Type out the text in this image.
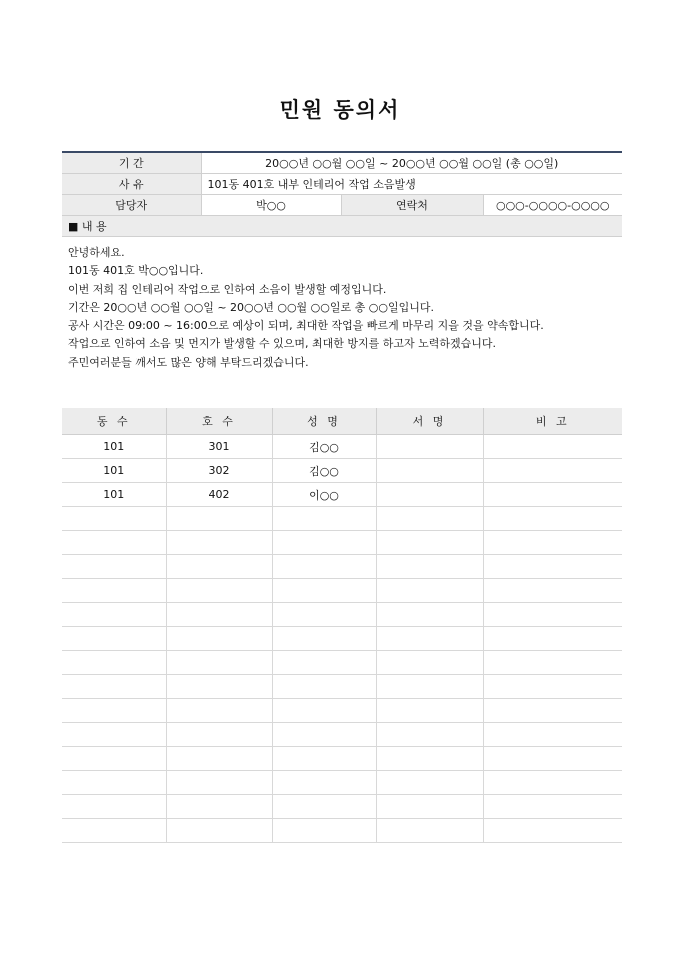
민원 동의서
기 간	20○○년 ○○월 ○○일 ~ 20○○년 ○○월 ○○일 (총 ○○일)		
사 유	101동 401호 내부 인테리어 작업 소음발생		
담당자	박○○	연락처	○○○-○○○○-○○○○
■ 내 용			
안녕하세요.
101동 401호 박○○입니다.
이번 저희 집 인테리어 작업으로 인하여 소음이 발생할 예정입니다.
기간은 20○○년 ○○월 ○○일 ~ 20○○년 ○○월 ○○일로 총 ○○일입니다.
공사 시간은 09:00 ~ 16:00으로 예상이 되며, 최대한 작업을 빠르게 마무리 지을 것을 약속합니다.
작업으로 인하여 소음 및 먼지가 발생할 수 있으며, 최대한 방지를 하고자 노력하겠습니다.
주민여러분들 깨서도 많은 양해 부탁드리겠습니다.
동 수	호 수	성 명	서 명	비 고
101	301	김○○		
101	302	김○○		
101	402	이○○		
